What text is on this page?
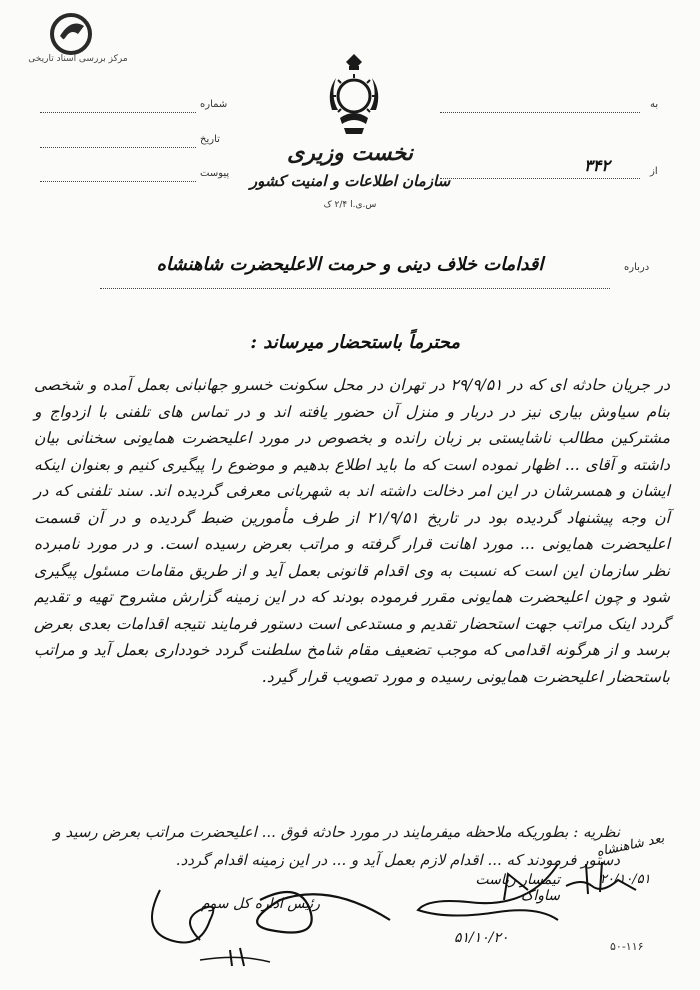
مرکز بررسی اسناد تاریخی
نخست وزیری
سازمان اطلاعات و امنیت کشور
س.ی.ا ۲/۴ ک
شماره
تاریخ
پیوست
به
از
۳۴۲
درباره
اقدامات خلاف دینی و حرمت الاعلیحضرت شاهنشاه
محترماً باستحضار میرساند :
در جریان حادثه ای که در ۲۹/۹/۵۱ در تهران در محل سکونت خسرو جهانبانی بعمل آمده و شخصی بنام سیاوش بیاری نیز در دربار و منزل آن حضور یافته اند و در تماس های تلفنی با ازدواج و مشترکین مطالب ناشایستی بر زبان رانده و بخصوص در مورد اعلیحضرت همایونی سخنانی بیان داشته و آقای ... اظهار نموده است که ما باید اطلاع بدهیم و موضوع را پیگیری کنیم و بعنوان اینکه ایشان و همسرشان در این امر دخالت داشته اند به شهربانی معرفی گردیده اند. سند تلفنی که در آن وجه پیشنهاد گردیده بود در تاریخ ۲۱/۹/۵۱ از طرف مأمورین ضبط گردیده و در آن قسمت اعلیحضرت همایونی ... مورد اهانت قرار گرفته و مراتب بعرض رسیده است. و در مورد نامبرده نظر سازمان این است که نسبت به وی اقدام قانونی بعمل آید و از طریق مقامات مسئول پیگیری شود و چون اعلیحضرت همایونی مقرر فرموده بودند که در این زمینه گزارش مشروح تهیه و تقدیم گردد اینک مراتب جهت استحضار تقدیم و مستدعی است دستور فرمایند نتیجه اقدامات بعدی بعرض برسد و از هرگونه اقدامی که موجب تضعیف مقام شامخ سلطنت گردد خودداری بعمل آید و مراتب باستحضار اعلیحضرت همایونی رسیده و مورد تصویب قرار گیرد.
نظریه : بطوریکه ملاحظه میفرمایند در مورد حادثه فوق ... اعلیحضرت مراتب بعرض رسید و دستور فرمودند که ... اقدام لازم بعمل آید و ... در این زمینه اقدام گردد.
بعد شاهنشاه
۲۰/۱۰/۵۱
تیمسار ریاست ساواک
۵۱/۱۰/۲۰
رئیس اداره کل سوم
۵۰-۱۱۶
